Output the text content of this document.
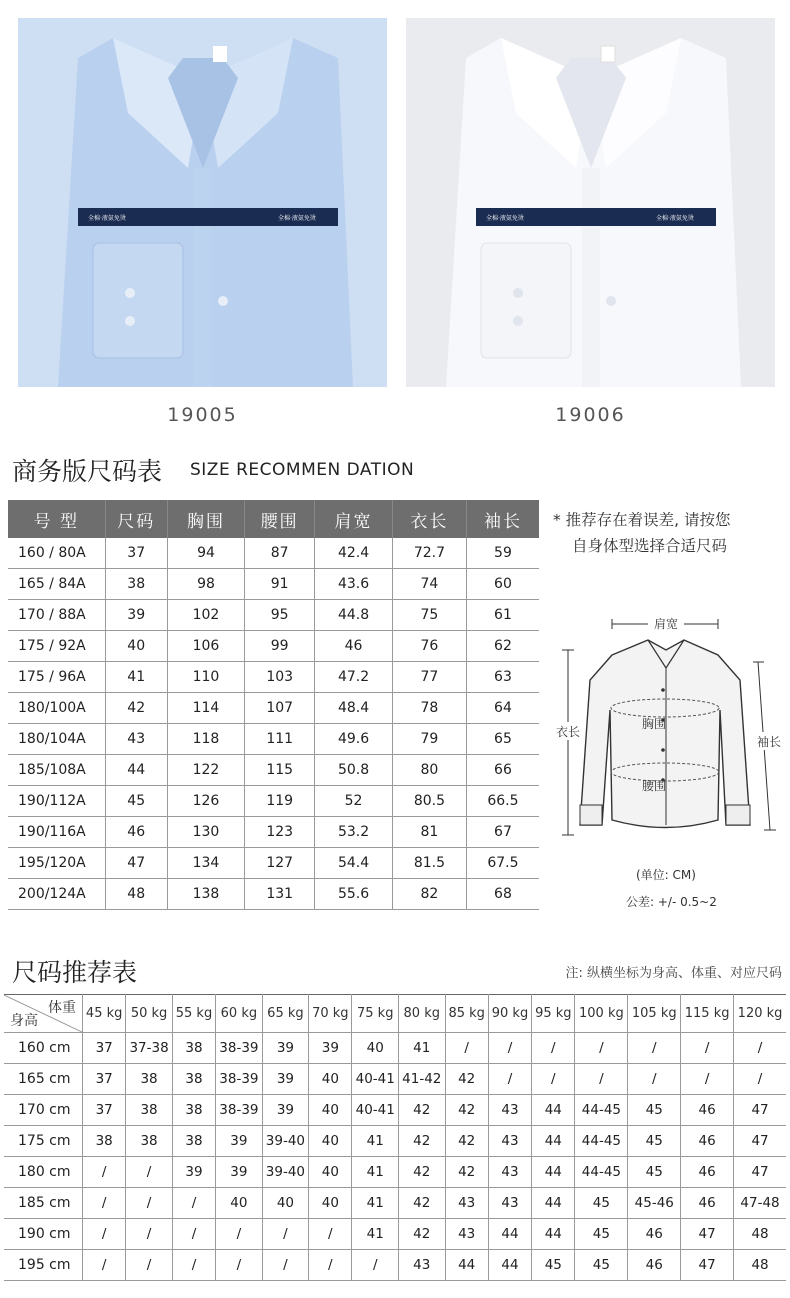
全棉·液氨免烫	全棉·液氨免烫	全棉·液氨免烫	全棉·液氨免烫
19005	19006
商务版尺码表 SIZE RECOMMEN DATION
号 型	尺码	胸围	腰围	肩宽	衣长	袖长
160 / 80A	37	94	87	42.4	72.7	59
165 / 84A	38	98	91	43.6	74	60
170 / 88A	39	102	95	44.8	75	61
175 / 92A	40	106	99	46	76	62
175 / 96A	41	110	103	47.2	77	63
180/100A	42	114	107	48.4	78	64
180/104A	43	118	111	49.6	79	65
185/108A	44	122	115	50.8	80	66
190/112A	45	126	119	52	80.5	66.5
190/116A	46	130	123	53.2	81	67
195/120A	47	134	127	54.4	81.5	67.5
200/124A	48	138	131	55.6	82	68
* 推荐存在着误差, 请按您
自身体型选择合适尺码
肩宽
胸围
腰围
衣长
袖长
(单位: CM)
公差: +/- 0.5~2
尺码推荐表	注: 纵横坐标为身高、体重、对应尺码
体重
身高	45 kg	50 kg	55 kg	60 kg	65 kg	70 kg	75 kg	80 kg	85 kg	90 kg	95 kg	100 kg	105 kg	115 kg	120 kg
160 cm	37	37-38	38	38-39	39	39	40	41	/	/	/	/	/	/	/
165 cm	37	38	38	38-39	39	40	40-41	41-42	42	/	/	/	/	/	/
170 cm	37	38	38	38-39	39	40	40-41	42	42	43	44	44-45	45	46	47
175 cm	38	38	38	39	39-40	40	41	42	42	43	44	44-45	45	46	47
180 cm	/	/	39	39	39-40	40	41	42	42	43	44	44-45	45	46	47
185 cm	/	/	/	40	40	40	41	42	43	43	44	45	45-46	46	47-48
190 cm	/	/	/	/	/	/	41	42	43	44	44	45	46	47	48
195 cm	/	/	/	/	/	/	/	43	44	44	45	45	46	47	48
